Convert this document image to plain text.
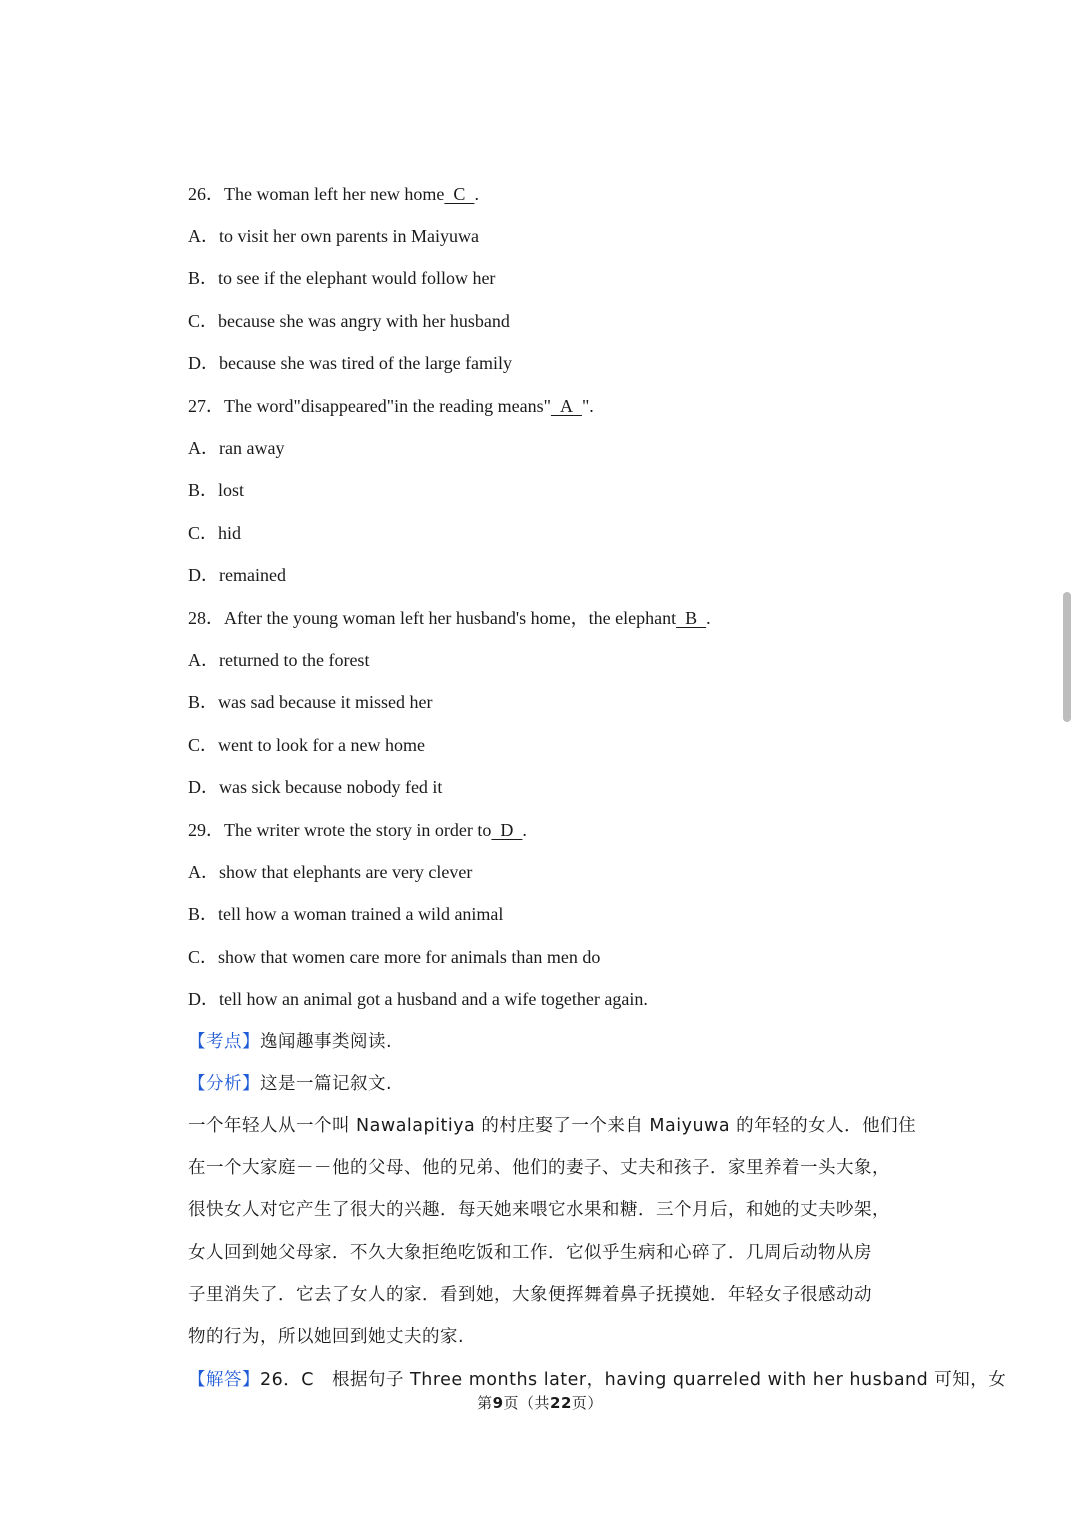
26．The woman left her new home  C  .
A．to visit her own parents in Maiyuwa
B．to see if the elephant would follow her
C．because she was angry with her husband
D．because she was tired of the large family
27．The word"disappeared"in the reading means"  A  ".
A．ran away
B．lost
C．hid
D．remained
28．After the young woman left her husband's home，the elephant  B  .
A．returned to the forest
B．was sad because it missed her
C．went to look for a new home
D．was sick because nobody fed it
29．The writer wrote the story in order to  D  .
A．show that elephants are very clever
B．tell how a woman trained a wild animal
C．show that women care more for animals than men do
D．tell how an animal got a husband and a wife together again.
【考点】逸闻趣事类阅读.
【分析】这是一篇记叙文.
一个年轻人从一个叫 Nawalapitiya 的村庄娶了一个来自 Maiyuwa 的年轻的女人．他们住
在一个大家庭－－他的父母、他的兄弟、他们的妻子、丈夫和孩子．家里养着一头大象，
很快女人对它产生了很大的兴趣．每天她来喂它水果和糖．三个月后，和她的丈夫吵架，
女人回到她父母家．不久大象拒绝吃饭和工作．它似乎生病和心碎了．几周后动物从房
子里消失了．它去了女人的家．看到她，大象便挥舞着鼻子抚摸她．年轻女子很感动动
物的行为，所以她回到她丈夫的家.
【解答】26．C　根据句子 Three months later，having quarreled with her husband 可知，女
第9页（共22页）
